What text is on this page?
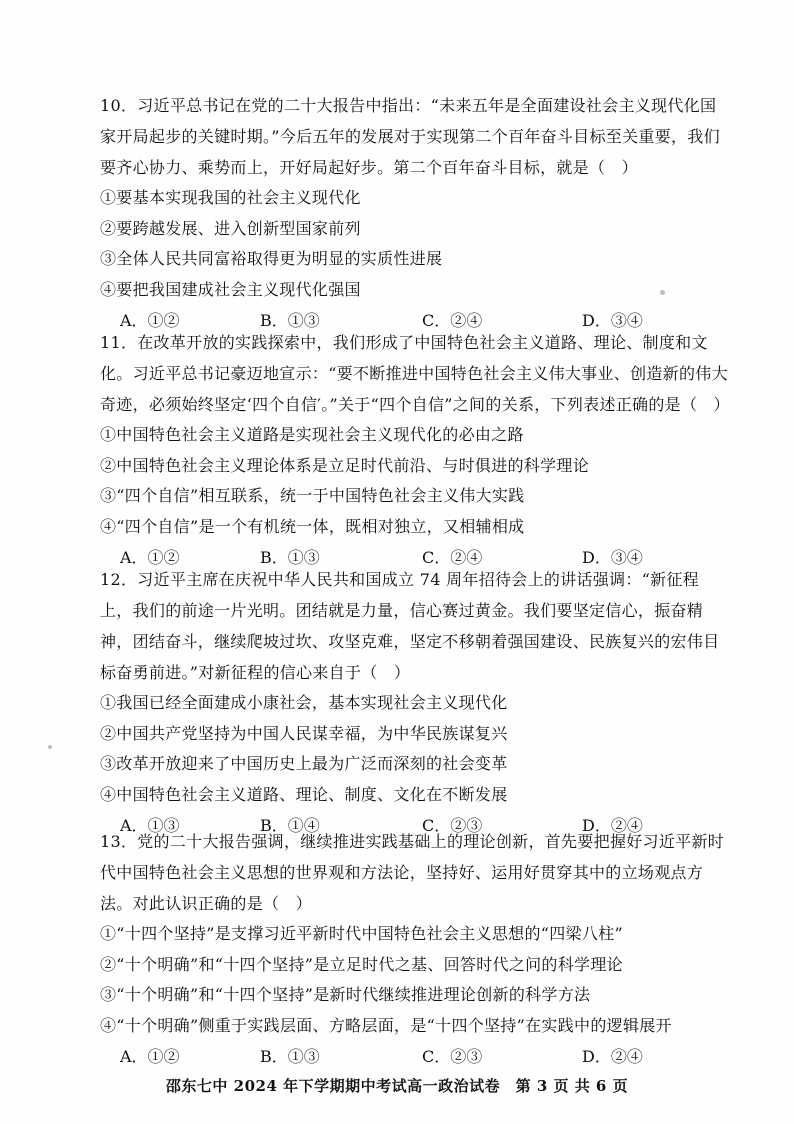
10．习近平总书记在党的二十大报告中指出：“未来五年是全面建设社会主义现代化国家开局起步的关键时期。”今后五年的发展对于实现第二个百年奋斗目标至关重要，我们要齐心协力、乘势而上，开好局起好步。第二个百年奋斗目标，就是（　）

①要基本实现我国的社会主义现代化

②要跨越发展、进入创新型国家前列

③全体人民共同富裕取得更为明显的实质性进展

④要把我国建成社会主义现代化强国

A．①②	B．①③	C．②④	D．③④

11．在改革开放的实践探索中，我们形成了中国特色社会主义道路、理论、制度和文化。习近平总书记豪迈地宣示：“要不断推进中国特色社会主义伟大事业、创造新的伟大奇迹，必须始终坚定‘四个自信′。”关于“四个自信”之间的关系，下列表述正确的是（　）

①中国特色社会主义道路是实现社会主义现代化的必由之路

②中国特色社会主义理论体系是立足时代前沿、与时俱进的科学理论

③“四个自信”相互联系，统一于中国特色社会主义伟大实践

④“四个自信”是一个有机统一体，既相对独立，又相辅相成

A．①②	B．①③	C．②④	D．③④

12．习近平主席在庆祝中华人民共和国成立 74 周年招待会上的讲话强调：“新征程上，我们的前途一片光明。团结就是力量，信心赛过黄金。我们要坚定信心，振奋精神，团结奋斗，继续爬坡过坎、攻坚克难，坚定不移朝着强国建设、民族复兴的宏伟目标奋勇前进。”对新征程的信心来自于（　）

①我国已经全面建成小康社会，基本实现社会主义现代化

②中国共产党坚持为中国人民谋幸福，为中华民族谋复兴

③改革开放迎来了中国历史上最为广泛而深刻的社会变革

④中国特色社会主义道路、理论、制度、文化在不断发展

A．①③	B．①④	C．②③	D．②④

13．党的二十大报告强调，继续推进实践基础上的理论创新，首先要把握好习近平新时代中国特色社会主义思想的世界观和方法论，坚持好、运用好贯穿其中的立场观点方法。对此认识正确的是（　）

①“十四个坚持”是支撑习近平新时代中国特色社会主义思想的“四梁八柱”

②“十个明确”和“十四个坚持”是立足时代之基、回答时代之问的科学理论

③“十个明确”和“十四个坚持”是新时代继续推进理论创新的科学方法

④“十个明确”侧重于实践层面、方略层面，是“十四个坚持”在实践中的逻辑展开

A．①②	B．①③	C．②③	D．②④
邵东七中 2024 年下学期期中考试高一政治试卷　第 3 页 共 6 页
